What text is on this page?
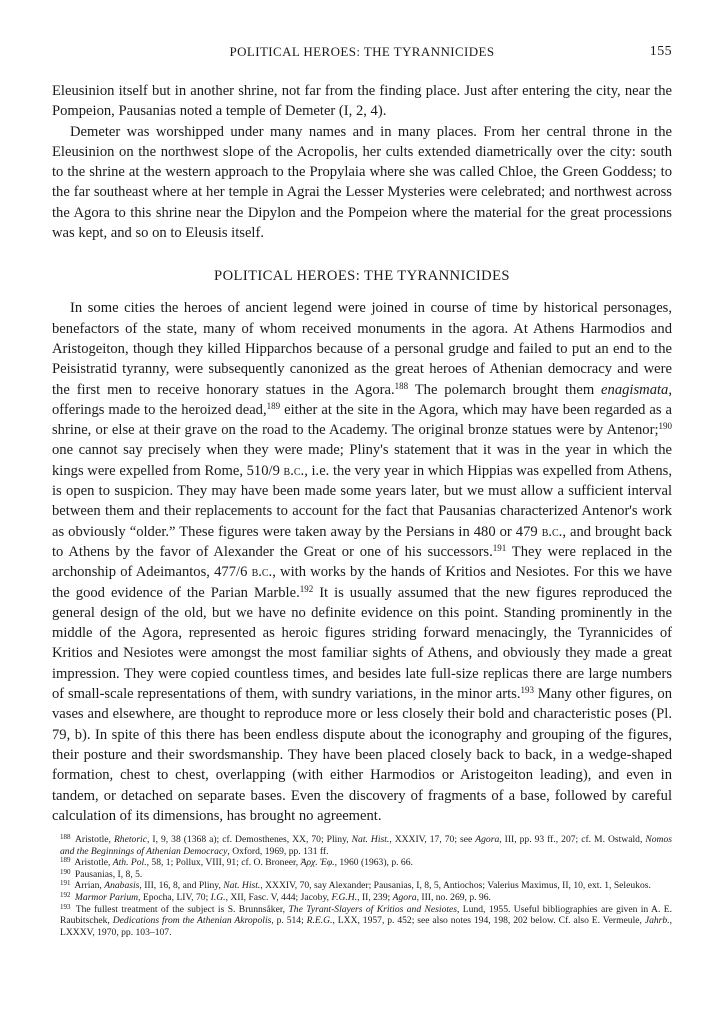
POLITICAL HEROES: THE TYRANNICIDES	155

Eleusinion itself but in another shrine, not far from the finding place. Just after entering the city, near the Pompeion, Pausanias noted a temple of Demeter (I, 2, 4).

Demeter was worshipped under many names and in many places. From her central throne in the Eleusinion on the northwest slope of the Acropolis, her cults extended diametrically over the city: south to the shrine at the western approach to the Propylaia where she was called Chloe, the Green Goddess; to the far southeast where at her temple in Agrai the Lesser Mysteries were celebrated; and northwest across the Agora to this shrine near the Dipylon and the Pompeion where the material for the great processions was kept, and so on to Eleusis itself.

POLITICAL HEROES: THE TYRANNICIDES

In some cities the heroes of ancient legend were joined in course of time by historical personages, benefactors of the state, many of whom received monuments in the agora. At Athens Harmodios and Aristogeiton, though they killed Hipparchos because of a personal grudge and failed to put an end to the Peisistratid tyranny, were subsequently canonized as the great heroes of Athenian democracy and were the first men to receive honorary statues in the Agora.$^{188}$ The polemarch brought them enagismata, offerings made to the heroized dead,$^{189}$ either at the site in the Agora, which may have been regarded as a shrine, or else at their grave on the road to the Academy. The original bronze statues were by Antenor;$^{190}$ one cannot say precisely when they were made; Pliny's statement that it was in the year in which the kings were expelled from Rome, 510/9 b.c., i.e. the very year in which Hippias was expelled from Athens, is open to suspicion. They may have been made some years later, but we must allow a sufficient interval between them and their replacements to account for the fact that Pausanias characterized Antenor's work as obviously “older.” These figures were taken away by the Persians in 480 or 479 b.c., and brought back to Athens by the favor of Alexander the Great or one of his successors.$^{191}$ They were replaced in the archonship of Adeimantos, 477/6 b.c., with works by the hands of Kritios and Nesiotes. For this we have the good evidence of the Parian Marble.$^{192}$ It is usually assumed that the new figures reproduced the general design of the old, but we have no definite evidence on this point. Standing prominently in the middle of the Agora, represented as heroic figures striding forward menacingly, the Tyrannicides of Kritios and Nesiotes were amongst the most familiar sights of Athens, and obviously they made a great impression. They were copied countless times, and besides late full-size replicas there are large numbers of small-scale representations of them, with sundry variations, in the minor arts.$^{193}$ Many other figures, on vases and elsewhere, are thought to reproduce more or less closely their bold and characteristic poses (Pl. 79, b). In spite of this there has been endless dispute about the iconography and grouping of the figures, their posture and their swordsmanship. They have been placed closely back to back, in a wedge-shaped formation, chest to chest, overlapping (with either Harmodios or Aristogeiton leading), and even in tandem, or detached on separate bases. Even the discovery of fragments of a base, followed by careful calculation of its dimensions, has brought no agreement.

$^{188}$ Aristotle, Rhetoric, I, 9, 38 (1368 a); cf. Demosthenes, XX, 70; Pliny, Nat. Hist., XXXIV, 17, 70; see Agora, III, pp. 93 ff., 207; cf. M. Ostwald, Nomos and the Beginnings of Athenian Democracy, Oxford, 1969, pp. 131 ff.
$^{189}$ Aristotle, Ath. Pol., 58, 1; Pollux, VIII, 91; cf. O. Broneer, Ἀρχ. Ἐφ., 1960 (1963), p. 66.
$^{190}$ Pausanias, I, 8, 5.
$^{191}$ Arrian, Anabasis, III, 16, 8, and Pliny, Nat. Hist., XXXIV, 70, say Alexander; Pausanias, I, 8, 5, Antiochos; Valerius Maximus, II, 10, ext. 1, Seleukos.
$^{192}$ Marmor Parium, Epocha, LIV, 70; I.G., XII, Fasc. V, 444; Jacoby, F.G.H., II, 239; Agora, III, no. 269, p. 96.
$^{193}$ The fullest treatment of the subject is S. Brunnsåker, The Tyrant-Slayers of Kritios and Nesiotes, Lund, 1955. Useful bibliographies are given in A. E. Raubitschek, Dedications from the Athenian Akropolis, p. 514; R.E.G., LXX, 1957, p. 452; see also notes 194, 198, 202 below. Cf. also E. Vermeule, Jahrb., LXXXV, 1970, pp. 103–107.
